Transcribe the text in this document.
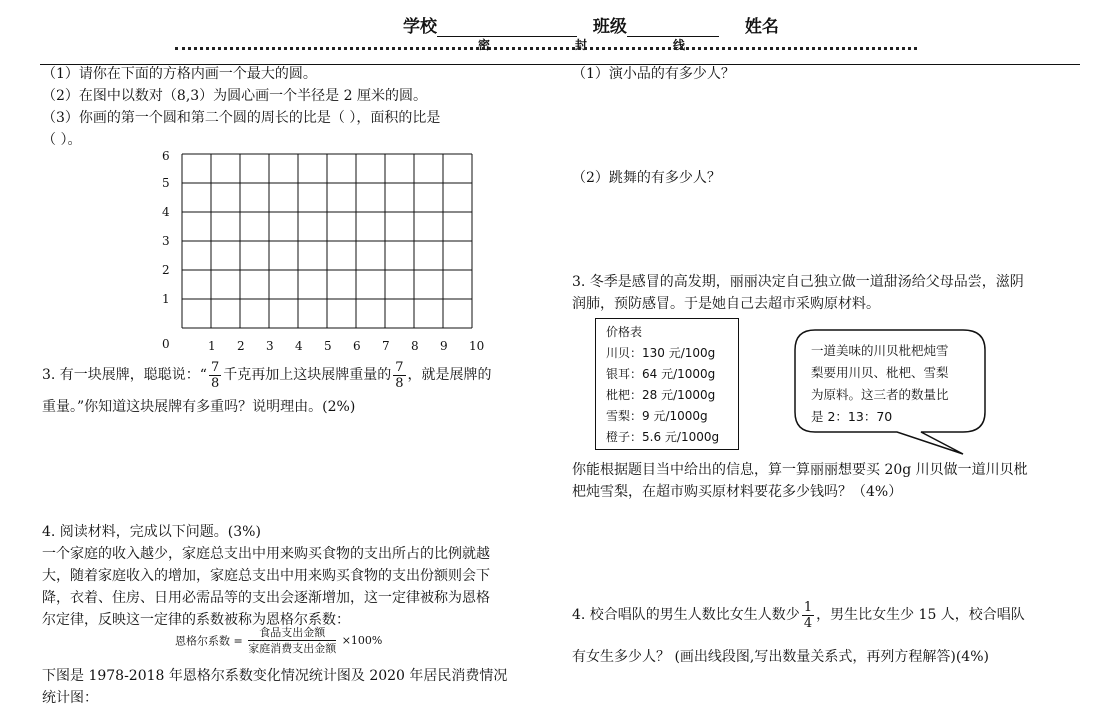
学校	班级	姓名
密	封	线
（1）请你在下面的方格内画一个最大的圆。
（2）在图中以数对（8,3）为圆心画一个半径是 2 厘米的圆。
（3）你画的第一个圆和第二个圆的周长的比是（ ），面积的比是
（ ）。
0	1 2 3 4 5 6 7 8 9 10
1
2
3
4
5
6
3. 有一块展牌，聪聪说：“ $\frac{7}{8}$ 千克再加上这块展牌重量的 $\frac{7}{8}$ ，就是展牌的
重量。”你知道这块展牌有多重吗？说明理由。(2%)
4. 阅读材料，完成以下问题。(3%)
一个家庭的收入越少，家庭总支出中用来购买食物的支出所占的比例就越
大，随着家庭收入的增加，家庭总支出中用来购买食物的支出份额则会下
降，衣着、住房、日用必需品等的支出会逐渐增加，这一定律被称为恩格
尔定律，反映这一定律的系数被称为恩格尔系数：
恩格尔系数 = $\frac{\text{食品支出金额}}{\text{家庭消费支出金额}} \times 100\%$
下图是 1978-2018 年恩格尔系数变化情况统计图及 2020 年居民消费情况
统计图：
（1）演小品的有多少人？
（2）跳舞的有多少人？
3. 冬季是感冒的高发期，丽丽决定自己独立做一道甜汤给父母品尝，滋阴
润肺，预防感冒。于是她自己去超市采购原材料。
价格表
川贝：130 元/100g
银耳：64 元/1000g
枇杷：28 元/1000g
雪梨：9 元/1000g
橙子：5.6 元/1000g
一道美味的川贝枇杷炖雪
梨要用川贝、枇杷、雪梨
为原料。这三者的数量比
是 2：13：70
你能根据题目当中给出的信息，算一算丽丽想要买 20g 川贝做一道川贝枇
杷炖雪梨，在超市购买原材料要花多少钱吗？（4%）
4. 校合唱队的男生人数比女生人数少 $\frac{1}{4}$ ，男生比女生少 15 人，校合唱队
有女生多少人？ (画出线段图,写出数量关系式，再列方程解答)(4%)
